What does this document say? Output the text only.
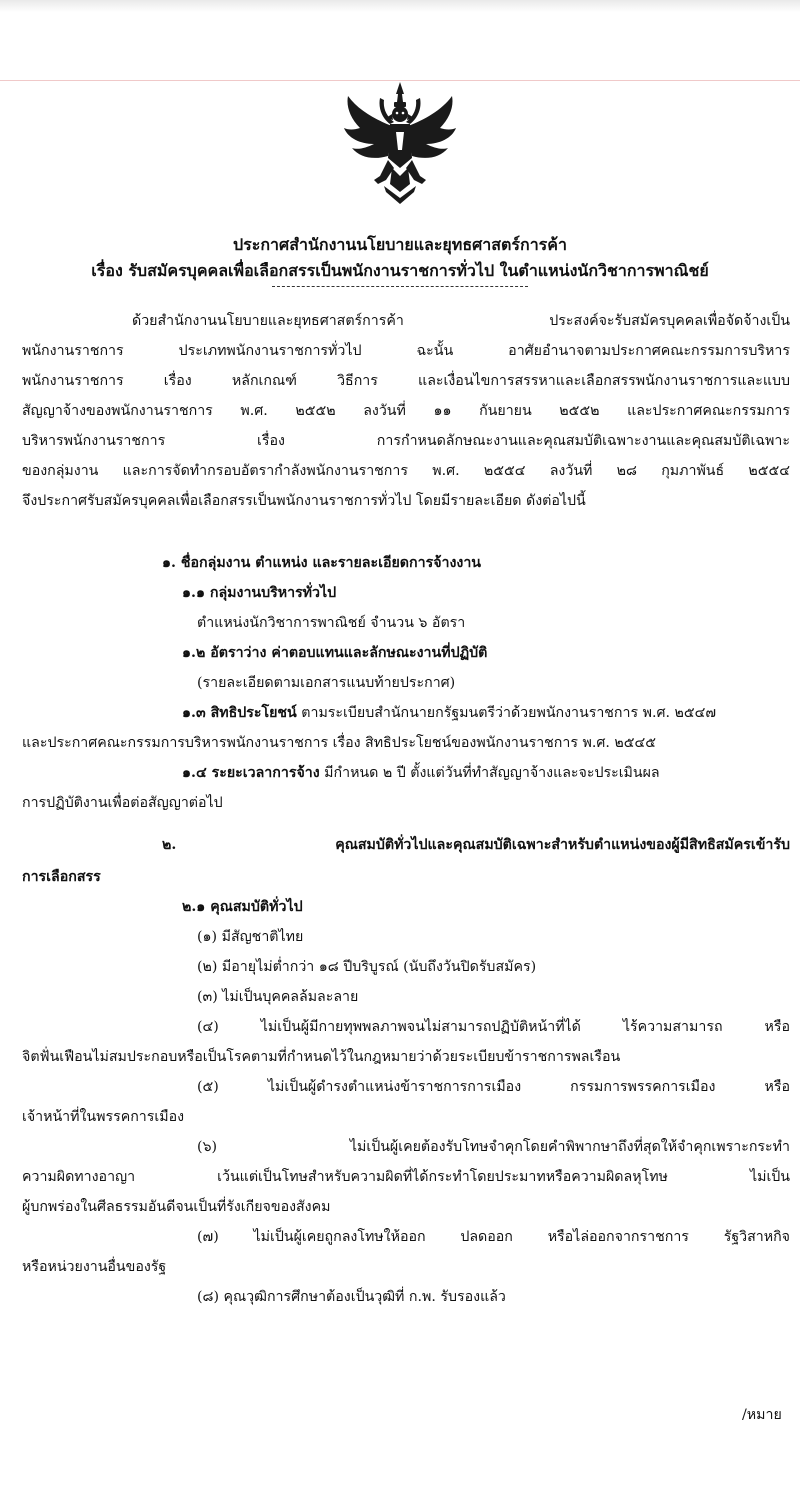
ประกาศสำนักงานนโยบายและยุทธศาสตร์การค้า
เรื่อง รับสมัครบุคคลเพื่อเลือกสรรเป็นพนักงานราชการทั่วไป ในตำแหน่งนักวิชาการพาณิชย์
ด้วยสำนักงานนโยบายและยุทธศาสตร์การค้า ประสงค์จะรับสมัครบุคคลเพื่อจัดจ้างเป็น
พนักงานราชการ ประเภทพนักงานราชการทั่วไป ฉะนั้น อาศัยอำนาจตามประกาศคณะกรรมการบริหาร
พนักงานราชการ เรื่อง หลักเกณฑ์ วิธีการ และเงื่อนไขการสรรหาและเลือกสรรพนักงานราชการและแบบ
สัญญาจ้างของพนักงานราชการ พ.ศ. ๒๕๕๒ ลงวันที่ ๑๑ กันยายน ๒๕๕๒ และประกาศคณะกรรมการ
บริหารพนักงานราชการ เรื่อง การกำหนดลักษณะงานและคุณสมบัติเฉพาะงานและคุณสมบัติเฉพาะ
ของกลุ่มงาน และการจัดทำกรอบอัตรากำลังพนักงานราชการ พ.ศ. ๒๕๕๔ ลงวันที่ ๒๘ กุมภาพันธ์ ๒๕๕๔
จึงประกาศรับสมัครบุคคลเพื่อเลือกสรรเป็นพนักงานราชการทั่วไป โดยมีรายละเอียด ดังต่อไปนี้
๑. ชื่อกลุ่มงาน ตำแหน่ง และรายละเอียดการจ้างงาน
๑.๑ กลุ่มงานบริหารทั่วไป
ตำแหน่งนักวิชาการพาณิชย์ จำนวน ๖ อัตรา
๑.๒ อัตราว่าง ค่าตอบแทนและลักษณะงานที่ปฏิบัติ
(รายละเอียดตามเอกสารแนบท้ายประกาศ)
๑.๓ สิทธิประโยชน์ ตามระเบียบสำนักนายกรัฐมนตรีว่าด้วยพนักงานราชการ พ.ศ. ๒๕๔๗
และประกาศคณะกรรมการบริหารพนักงานราชการ เรื่อง สิทธิประโยชน์ของพนักงานราชการ พ.ศ. ๒๕๔๕
๑.๔ ระยะเวลาการจ้าง มีกำหนด ๒ ปี ตั้งแต่วันที่ทำสัญญาจ้างและจะประเมินผล
การปฏิบัติงานเพื่อต่อสัญญาต่อไป
๒. คุณสมบัติทั่วไปและคุณสมบัติเฉพาะสำหรับตำแหน่งของผู้มีสิทธิสมัครเข้ารับ
การเลือกสรร
๒.๑ คุณสมบัติทั่วไป
(๑) มีสัญชาติไทย
(๒) มีอายุไม่ต่ำกว่า ๑๘ ปีบริบูรณ์ (นับถึงวันปิดรับสมัคร)
(๓) ไม่เป็นบุคคลล้มละลาย
(๔) ไม่เป็นผู้มีกายทุพพลภาพจนไม่สามารถปฏิบัติหน้าที่ได้ ไร้ความสามารถ หรือ
จิตฟั่นเฟือนไม่สมประกอบหรือเป็นโรคตามที่กำหนดไว้ในกฎหมายว่าด้วยระเบียบข้าราชการพลเรือน
(๕) ไม่เป็นผู้ดำรงตำแหน่งข้าราชการการเมือง กรรมการพรรคการเมือง หรือ
เจ้าหน้าที่ในพรรคการเมือง
(๖) ไม่เป็นผู้เคยต้องรับโทษจำคุกโดยคำพิพากษาถึงที่สุดให้จำคุกเพราะกระทำ
ความผิดทางอาญา เว้นแต่เป็นโทษสำหรับความผิดที่ได้กระทำโดยประมาทหรือความผิดลหุโทษ ไม่เป็น
ผู้บกพร่องในศีลธรรมอันดีจนเป็นที่รังเกียจของสังคม
(๗) ไม่เป็นผู้เคยถูกลงโทษให้ออก ปลดออก หรือไล่ออกจากราชการ รัฐวิสาหกิจ
หรือหน่วยงานอื่นของรัฐ
(๘) คุณวุฒิการศึกษาต้องเป็นวุฒิที่ ก.พ. รับรองแล้ว
/หมาย
